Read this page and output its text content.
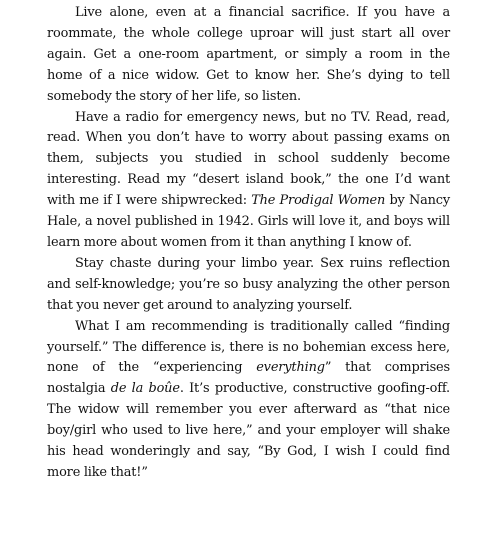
Live alone, even at a financial sacrifice. If you have a roommate, the whole college uproar will just start all over again. Get a one-room apartment, or simply a room in the home of a nice widow. Get to know her. She’s dying to tell somebody the story of her life, so listen.

Have a radio for emergency news, but no TV. Read, read, read. When you don’t have to worry about passing exams on them, subjects you studied in school suddenly become interesting. Read my “desert island book,” the one I’d want with me if I were shipwrecked: The Prodigal Women by Nancy Hale, a novel published in 1942. Girls will love it, and boys will learn more about women from it than anything I know of.

Stay chaste during your limbo year. Sex ruins reflection and self-knowledge; you’re so busy analyzing the other person that you never get around to analyzing yourself.

What I am recommending is traditionally called “finding yourself.” The difference is, there is no bohemian excess here, none of the “experiencing everything” that comprises nostalgia de la boûe. It’s productive, constructive goofing-off. The widow will remember you ever afterward as “that nice boy/girl who used to live here,” and your employer will shake his head wonderingly and say, “By God, I wish I could find more like that!”
